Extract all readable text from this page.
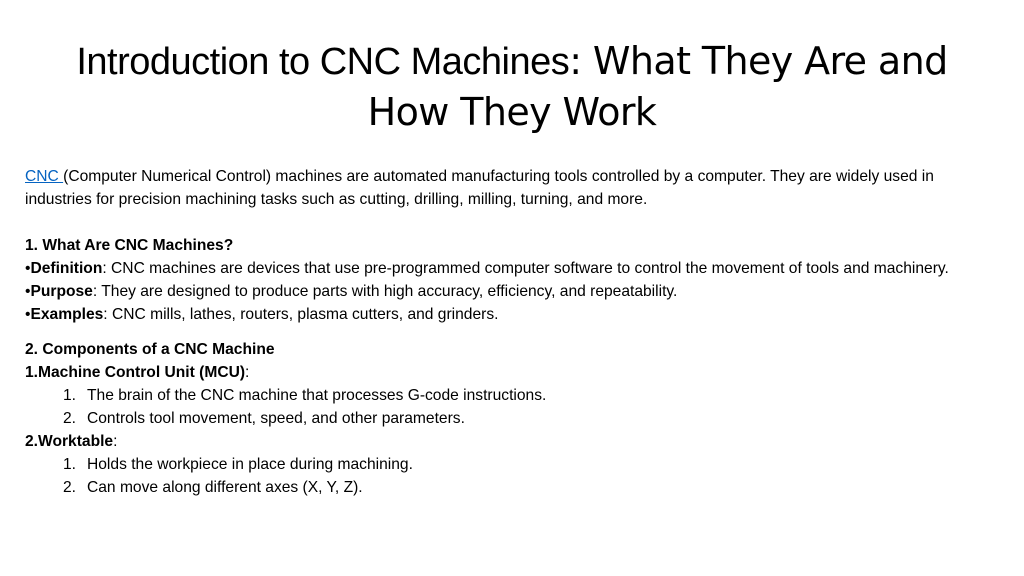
Introduction to CNC Machines: What They Are and How They Work

CNC (Computer Numerical Control) machines are automated manufacturing tools controlled by a computer. They are widely used in industries for precision machining tasks such as cutting, drilling, milling, turning, and more.

1. What Are CNC Machines?

•Definition: CNC machines are devices that use pre-programmed computer software to control the movement of tools and machinery.

•Purpose: They are designed to produce parts with high accuracy, efficiency, and repeatability.

•Examples: CNC mills, lathes, routers, plasma cutters, and grinders.

2. Components of a CNC Machine

1.Machine Control Unit (MCU):

1. The brain of the CNC machine that processes G-code instructions.
2. Controls tool movement, speed, and other parameters.

2.Worktable:

1. Holds the workpiece in place during machining.
2. Can move along different axes (X, Y, Z).
